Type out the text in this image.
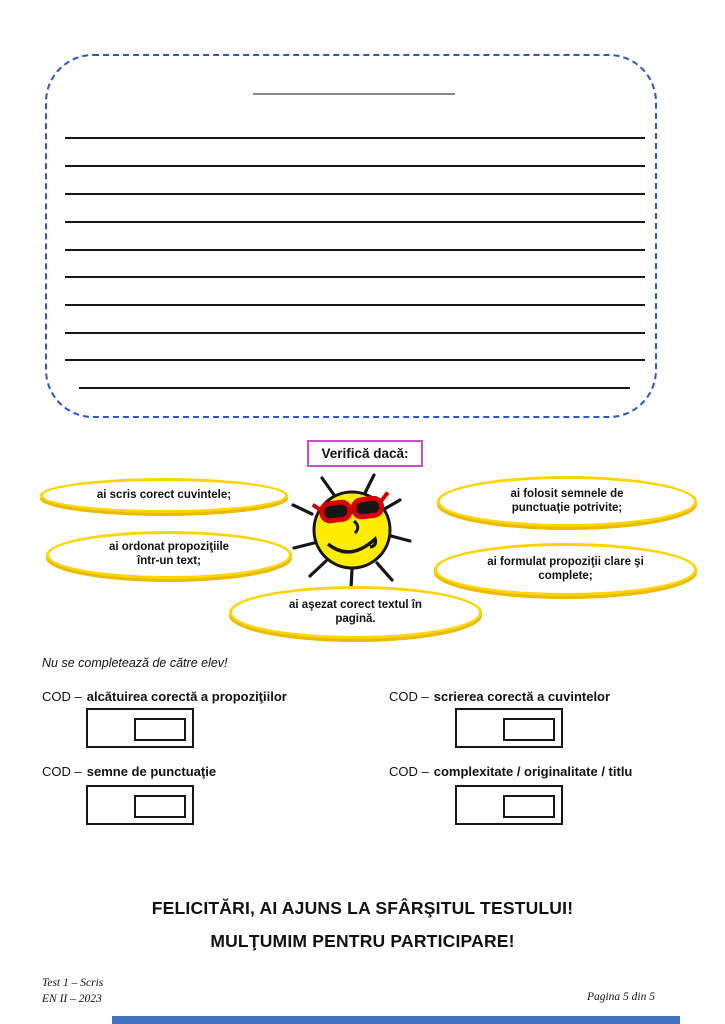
Verifică dacă:
ai scris corect cuvintele;
ai ordonat propoziţiile într-un text;
ai folosit semnele de punctuaţie potrivite;
ai formulat propoziţii clare şi complete;
ai aşezat corect textul în pagină.
Nu se completează de către elev!
COD – alcătuirea corectă a propoziţiilor	COD – scrierea corectă a cuvintelor
COD – semne de punctuaţie	COD – complexitate / originalitate / titlu
FELICITĂRI, AI AJUNS LA SFÂRŞITUL TESTULUI!
MULŢUMIM PENTRU PARTICIPARE!
Test 1 – Scris
EN II – 2023	Pagina 5 din 5
